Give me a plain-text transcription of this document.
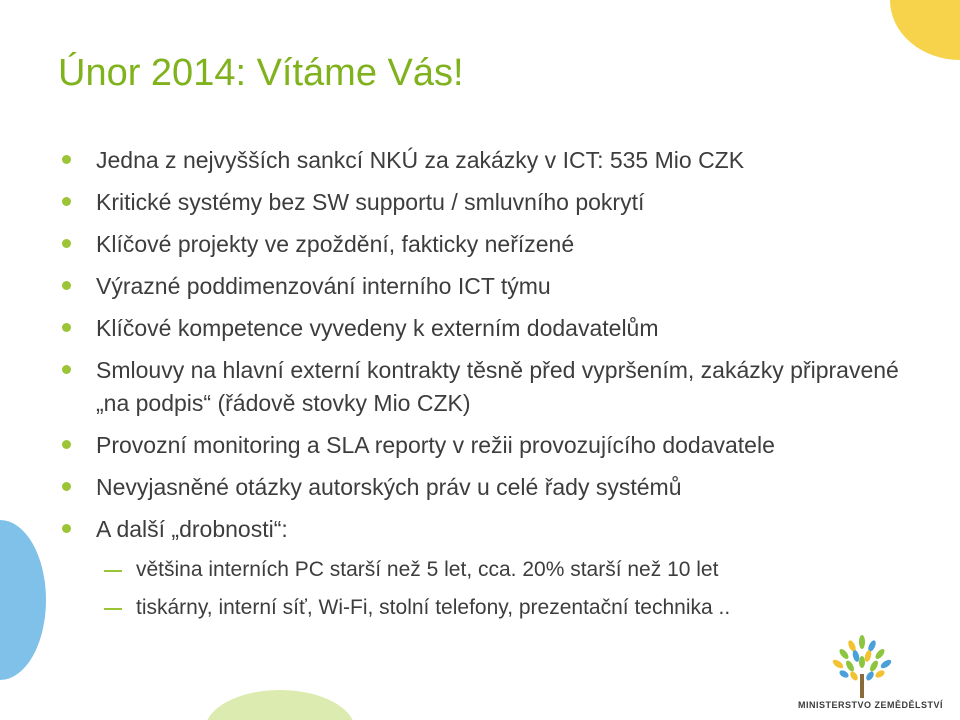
Únor 2014: Vítáme Vás!
Jedna z nejvyšších sankcí NKÚ za zakázky v ICT: 535 Mio CZK
Kritické systémy bez SW supportu / smluvního pokrytí
Klíčové projekty ve zpoždění, fakticky neřízené
Výrazné poddimenzování interního ICT týmu
Klíčové kompetence vyvedeny k externím dodavatelům
Smlouvy na hlavní externí kontrakty těsně před vypršením, zakázky připravené „na podpis“ (řádově stovky Mio CZK)
Provozní monitoring a SLA reporty v režii provozujícího dodavatele
Nevyjasněné otázky autorských práv u celé řady systémů
A další „drobnosti“:
většina interních PC starší než 5 let, cca. 20% starší než 10 let
tiskárny, interní síť, Wi-Fi, stolní telefony, prezentační technika ..
MINISTERSTVO ZEMĚDĚLSTVÍ
